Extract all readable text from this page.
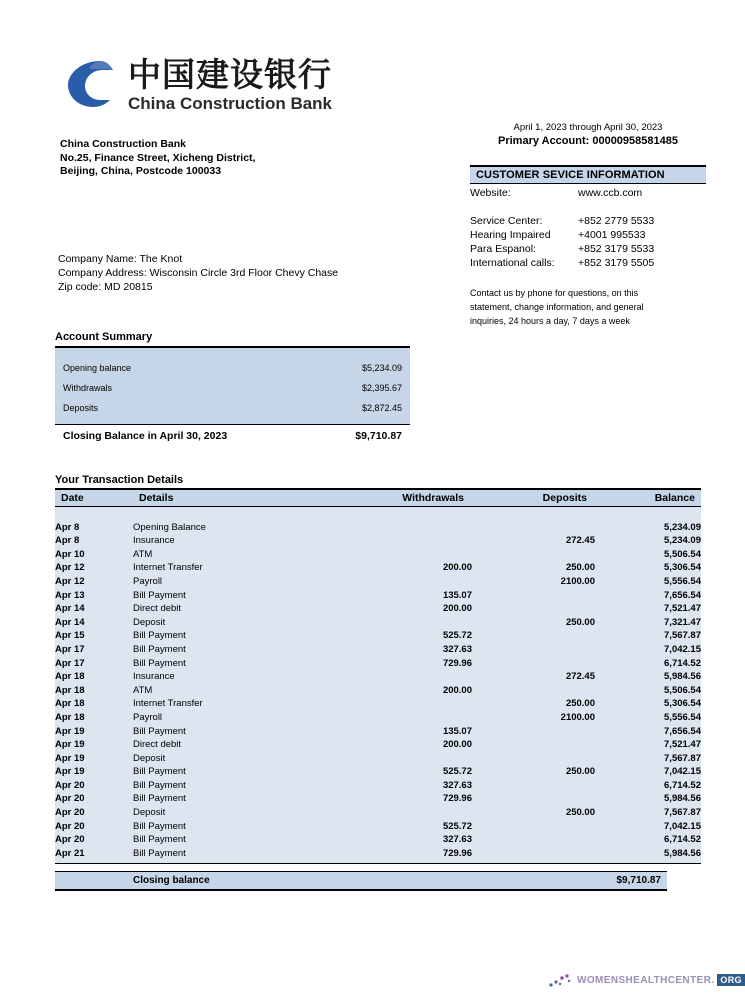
中国建设银行
China Construction Bank
China Construction Bank
No.25, Finance Street, Xicheng District,
Beijing, China, Postcode 100033
Company Name: The Knot
Company Address: Wisconsin Circle 3rd Floor Chevy Chase
Zip code: MD 20815
April 1, 2023 through April 30, 2023
Primary Account: 00000958581485
CUSTOMER SEVICE INFORMATION
Website:	www.ccb.com
Service Center:	+852 2779 5533
Hearing Impaired	+4001 995533
Para Espanol:	+852 3179 5533
International calls:	+852 3179 5505
Contact us by phone for questions, on this
statement, change information, and general
inquiries, 24 hours a day, 7 days a week
Account Summary
Opening balance	$5,234.09
Withdrawals	$2,395.67
Deposits	$2,872.45
Closing Balance in April 30, 2023	$9,710.87
Your Transaction Details
Date	Details	Withdrawals	Deposits	Balance

Apr 8	Opening Balance			5,234.09
Apr 8	Insurance		272.45	5,234.09
Apr 10	ATM			5,506.54
Apr 12	Internet Transfer	200.00	250.00	5,306.54
Apr 12	Payroll		2100.00	5,556.54
Apr 13	Bill Payment	135.07		7,656.54
Apr 14	Direct debit	200.00		7,521.47
Apr 14	Deposit		250.00	7,321.47
Apr 15	Bill Payment	525.72		7,567.87
Apr 17	Bill Payment	327.63		7,042.15
Apr 17	Bill Payment	729.96		6,714.52
Apr 18	Insurance		272.45	5,984.56
Apr 18	ATM	200.00		5,506.54
Apr 18	Internet Transfer		250.00	5,306.54
Apr 18	Payroll		2100.00	5,556.54
Apr 19	Bill Payment	135.07		7,656.54
Apr 19	Direct debit	200.00		7,521.47
Apr 19	Deposit			7,567.87
Apr 19	Bill Payment	525.72	250.00	7,042.15
Apr 20	Bill Payment	327.63		6,714.52
Apr 20	Bill Payment	729.96		5,984.56
Apr 20	Deposit		250.00	7,567.87
Apr 20	Bill Payment	525.72		7,042.15
Apr 20	Bill Payment	327.63		6,714.52
Apr 21	Bill Payment	729.96		5,984.56
Closing balance	$9,710.87
WOMENSHEALTHCENTER. ORG
